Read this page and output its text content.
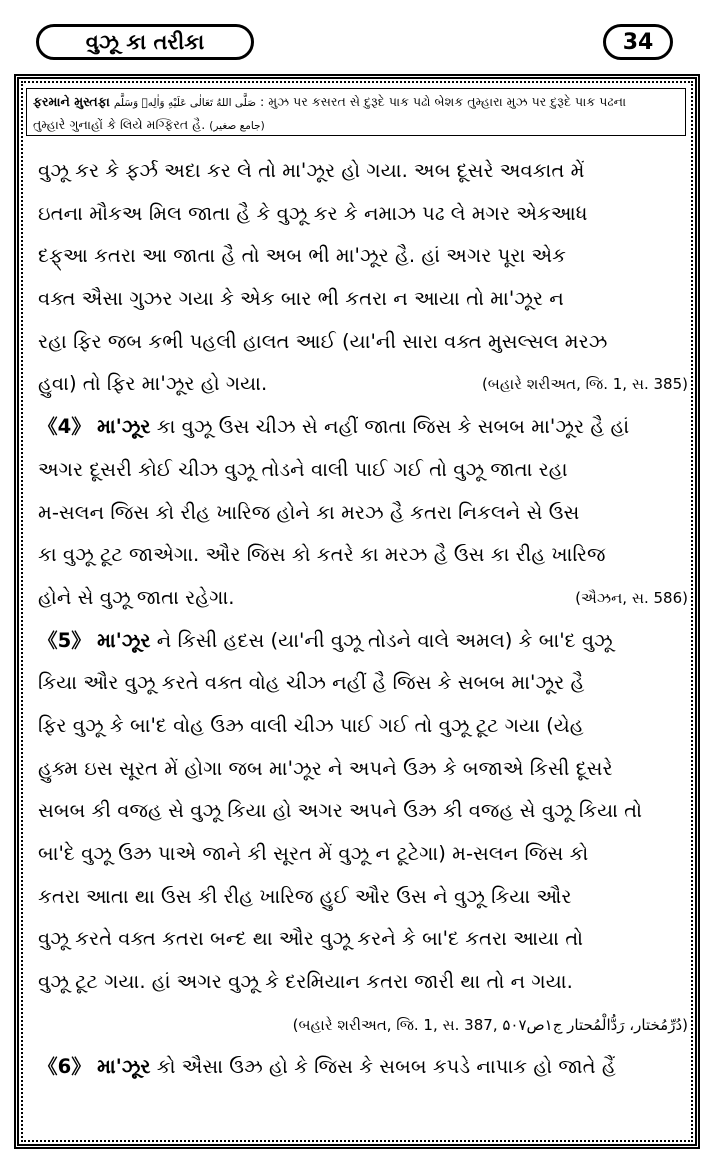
વુઝૂ કા તરીકા	34
ફરમાને મુસ્તફા صَلَّى اللهُ تَعَالٰى عَلَيْهِ وَاٰلِهٖ وَسَلَّم : મુઝ પર કસરત સે દુરૂદે પાક પઢો બેશક તુમ્હારા મુઝ પર દુરૂદે પાક પઢના
તુમ્હારે ગુનાહોં કે લિયે મગ્ફિરત હૈ. (جامع صغیر)
વુઝૂ કર કે ફર્ઝ અદા કર લે તો મા'ઝૂર હો ગયા. અબ દૂસરે અવકાત મેં
ઇતના મૌકઅ મિલ જાતા હૈ કે વુઝૂ કર કે નમાઝ પઢ લે મગર એકઆધ
દફ્આ કતરા આ જાતા હૈ તો અબ ભી મા'ઝૂર હૈ. હાં અગર પૂરા એક
વક્ત ઐસા ગુઝર ગયા કે એક બાર ભી કતરા ન આયા તો મા'ઝૂર ન
રહા ફિર જબ કભી પહલી હાલત આઈ (યા'ની સારા વક્ત મુસલ્સલ મરઝ
હુવા) તો ફિર મા'ઝૂર હો ગયા.	(બહારે શરીઅત, જિ. 1, સ. 385)
《4》 મા'ઝૂર કા વુઝૂ ઉસ ચીઝ સે નહીં જાતા જિસ કે સબબ મા'ઝૂર હૈ હાં
અગર દૂસરી કોઈ ચીઝ વુઝૂ તોડને વાલી પાઈ ગઈ તો વુઝૂ જાતા રહા
મ-સલન જિસ કો રીહ ખારિજ હોને કા મરઝ હૈ કતરા નિકલને સે ઉસ
કા વુઝૂ ટૂટ જાએગા. ઔર જિસ કો કતરે કા મરઝ હૈ ઉસ કા રીહ ખારિજ
હોને સે વુઝૂ જાતા રહેગા.	(ઐઝન, સ. 586)
《5》 મા'ઝૂર ને કિસી હદસ (યા'ની વુઝૂ તોડને વાલે અમલ) કે બા'દ વુઝૂ
કિયા ઔર વુઝૂ કરતે વક્ત વોહ ચીઝ નહીં હૈ જિસ કે સબબ મા'ઝૂર હૈ
ફિર વુઝૂ કે બા'દ વોહ ઉઝ્ર વાલી ચીઝ પાઈ ગઈ તો વુઝૂ ટૂટ ગયા (યેહ
હુક્મ ઇસ સૂરત મેં હોગા જબ મા'ઝૂર ને અપને ઉઝ્ર કે બજાએ કિસી દૂસરે
સબબ કી વજહ સે વુઝૂ કિયા હો અગર અપને ઉઝ્ર કી વજહ સે વુઝૂ કિયા તો
બા'દે વુઝૂ ઉઝ્ર પાએ જાને કી સૂરત મેં વુઝૂ ન ટૂટેગા) મ-સલન જિસ કો
કતરા આતા થા ઉસ કી રીહ ખારિજ હુઈ ઔર ઉસ ને વુઝૂ કિયા ઔર
વુઝૂ કરતે વક્ત કતરા બન્દ થા ઔર વુઝૂ કરને કે બા'દ કતરા આયા તો
વુઝૂ ટૂટ ગયા. હાં અગર વુઝૂ કે દરમિયાન કતરા જારી થા તો ન ગયા.
(બહારે શરીઅત, જિ. 1, સ. 387, دُرِّمُختار، رَدُّالْمُحتار ج۱ص۵۰۷)
《6》 મા'ઝૂર કો ઐસા ઉઝ્ર હો કે જિસ કે સબબ કપડે નાપાક હો જાતે હૈં
